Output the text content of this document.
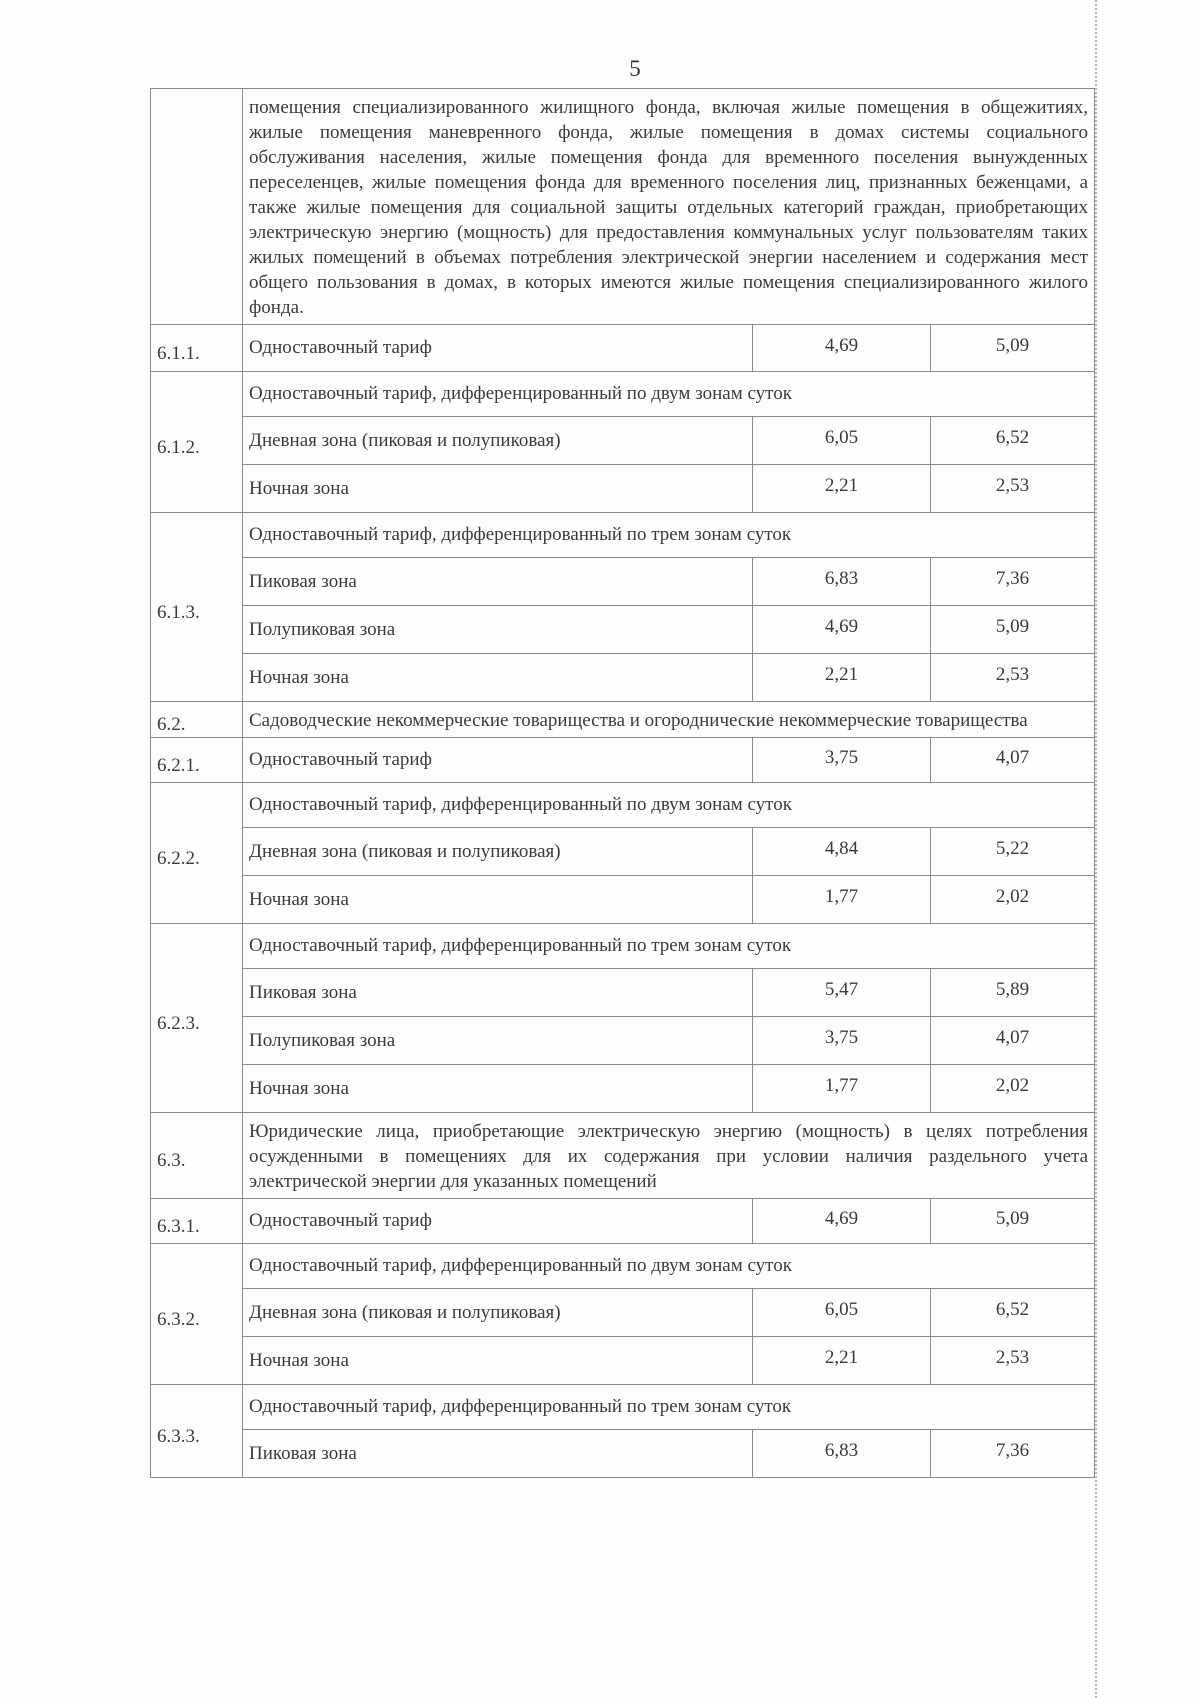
5
	помещения специализированного жилищного фонда, включая жилые помещения в общежитиях, жилые помещения маневренного фонда, жилые помещения в домах системы социального обслуживания населения, жилые помещения фонда для временного поселения вынужденных переселенцев, жилые помещения фонда для временного поселения лиц, признанных беженцами, а также жилые помещения для социальной защиты отдельных категорий граждан, приобретающих электрическую энергию (мощность) для предоставления коммунальных услуг пользователям таких жилых помещений в объемах потребления электрической энергии населением и содержания мест общего пользования в домах, в которых имеются жилые помещения специализированного жилого фонда.		
6.1.1.	Одноставочный тариф	4,69	5,09
6.1.2.	Одноставочный тариф, дифференцированный по двум зонам суток		
	Дневная зона (пиковая и полупиковая)	6,05	6,52
	Ночная зона	2,21	2,53
6.1.3.	Одноставочный тариф, дифференцированный по трем зонам суток		
	Пиковая зона	6,83	7,36
	Полупиковая зона	4,69	5,09
	Ночная зона	2,21	2,53
6.2.	Садоводческие некоммерческие товарищества и огороднические некоммерческие товарищества		
6.2.1.	Одноставочный тариф	3,75	4,07
6.2.2.	Одноставочный тариф, дифференцированный по двум зонам суток		
	Дневная зона (пиковая и полупиковая)	4,84	5,22
	Ночная зона	1,77	2,02
6.2.3.	Одноставочный тариф, дифференцированный по трем зонам суток		
	Пиковая зона	5,47	5,89
	Полупиковая зона	3,75	4,07
	Ночная зона	1,77	2,02
6.3.	Юридические лица, приобретающие электрическую энергию (мощность) в целях потребления осужденными в помещениях для их содержания при условии наличия раздельного учета электрической энергии для указанных помещений		
6.3.1.	Одноставочный тариф	4,69	5,09
6.3.2.	Одноставочный тариф, дифференцированный по двум зонам суток		
	Дневная зона (пиковая и полупиковая)	6,05	6,52
	Ночная зона	2,21	2,53
6.3.3.	Одноставочный тариф, дифференцированный по трем зонам суток		
	Пиковая зона	6,83	7,36
